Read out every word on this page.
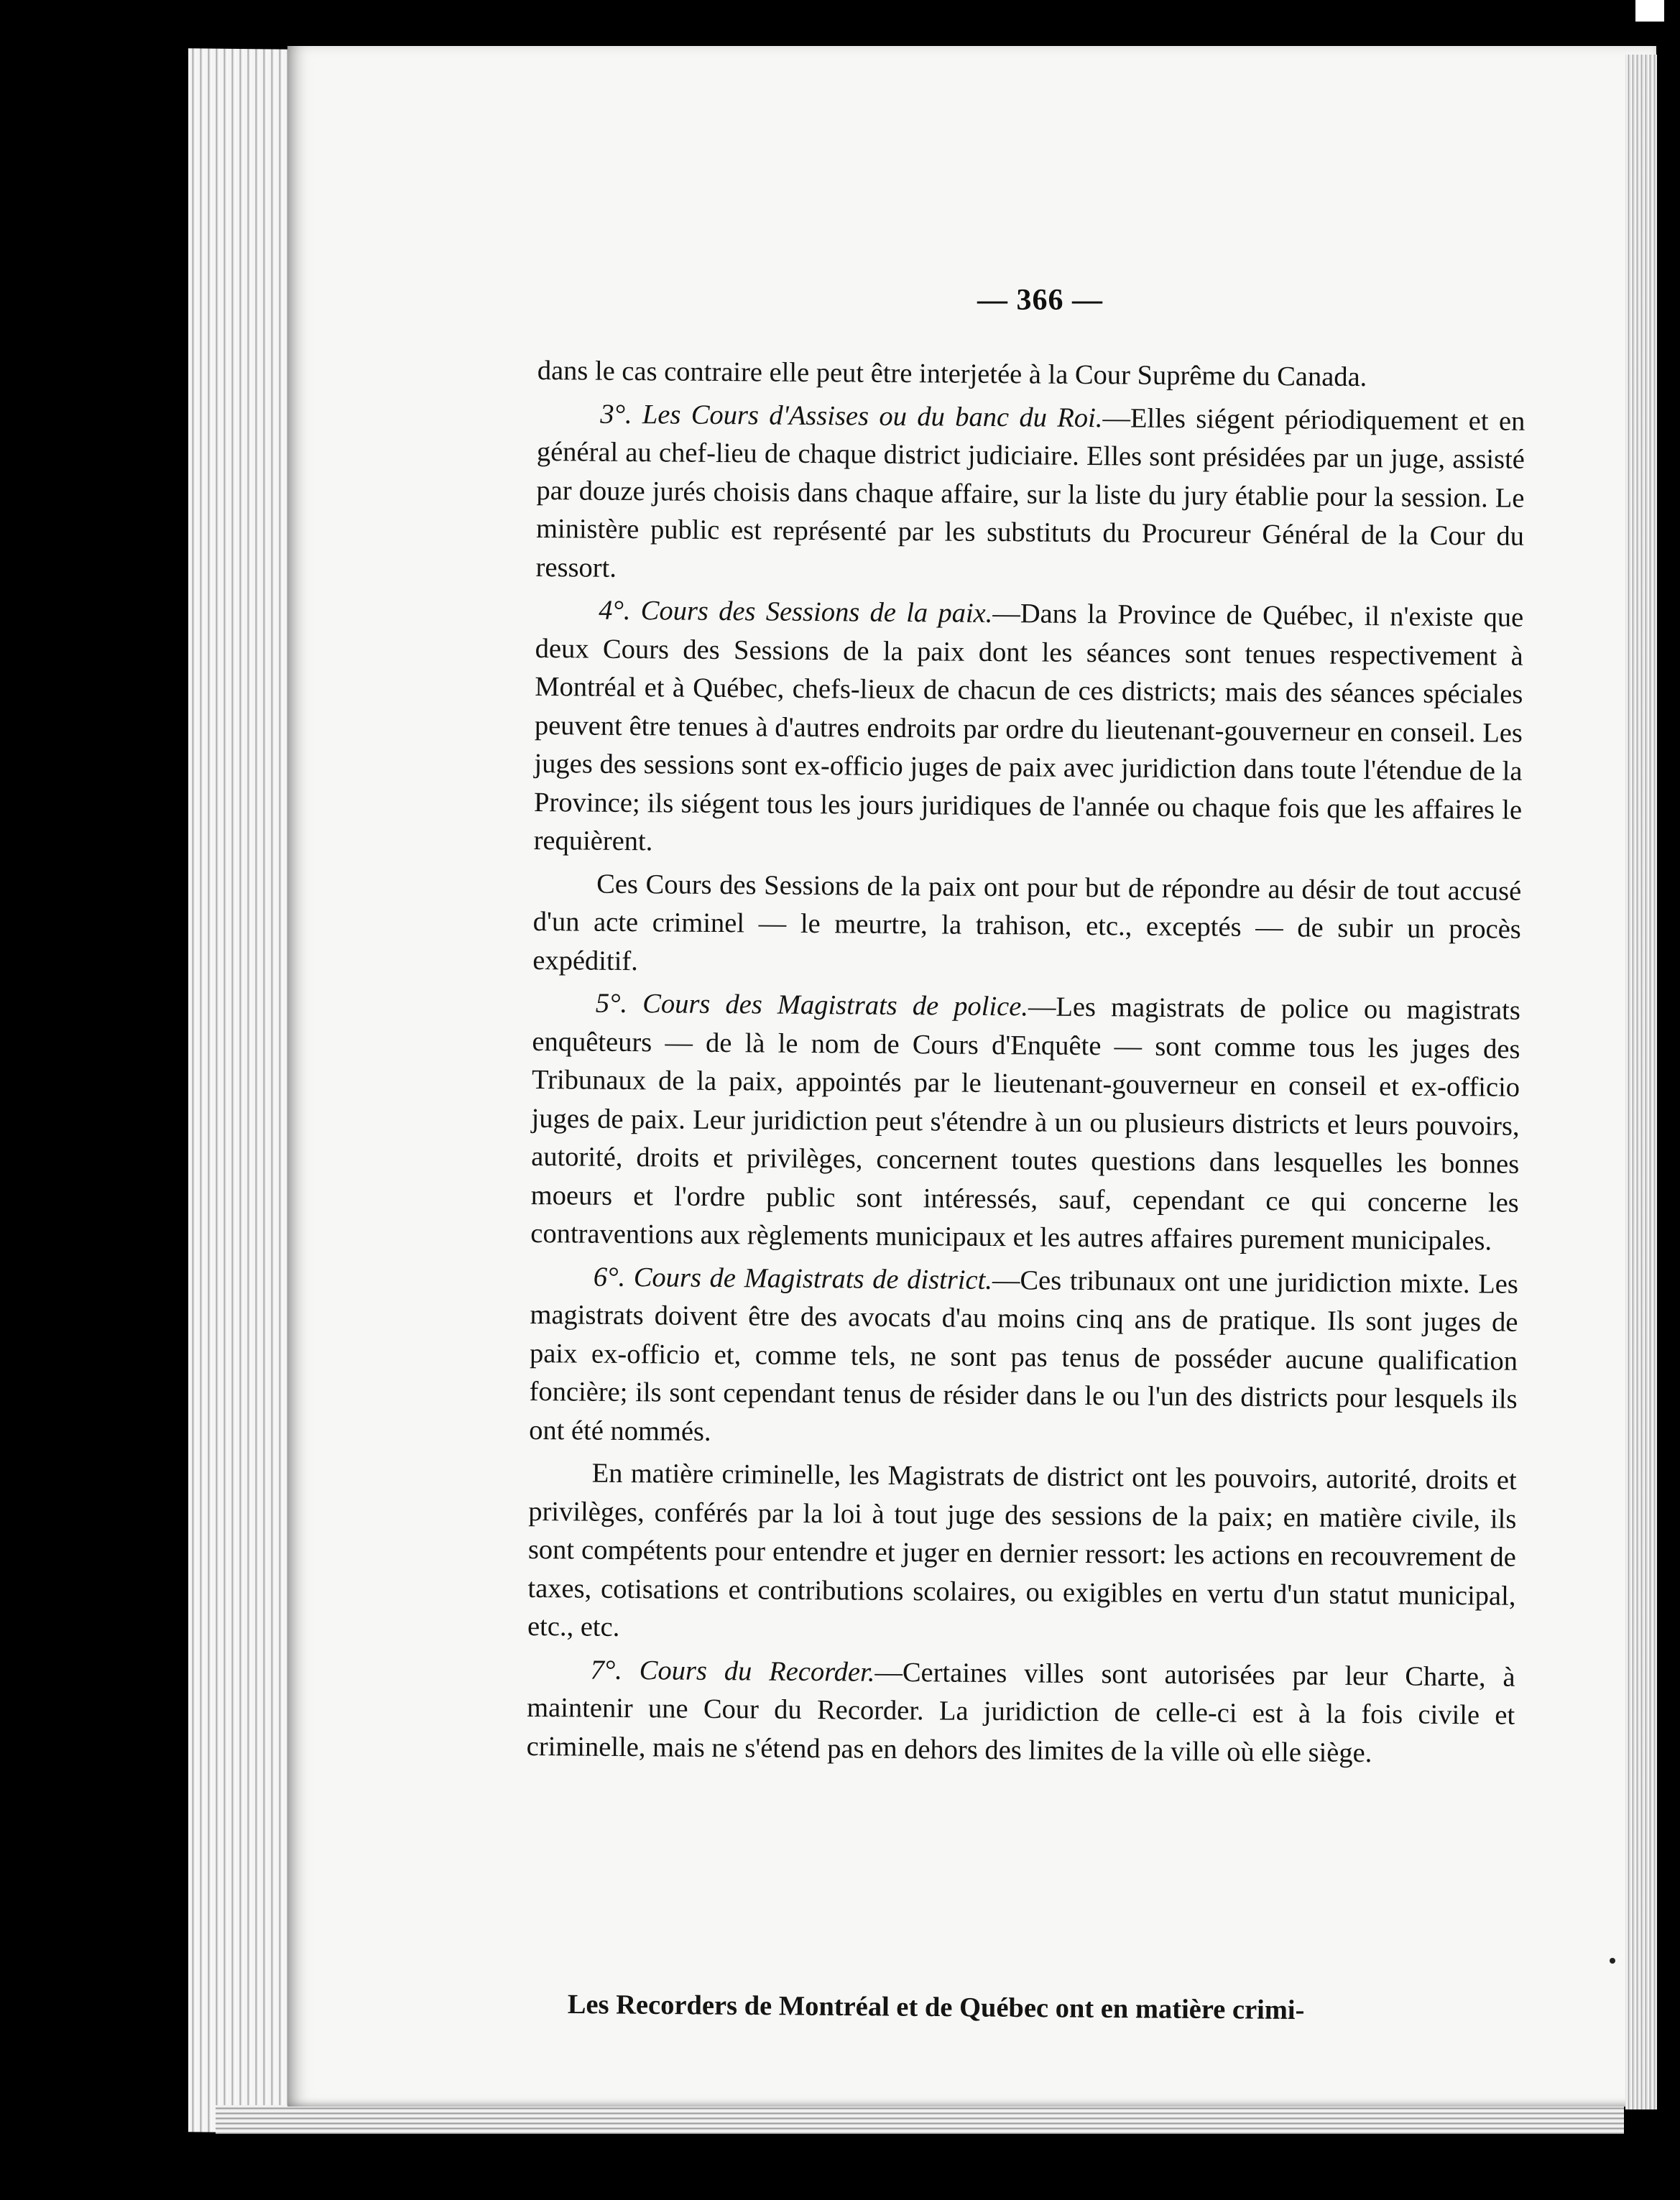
— 366 —

dans le cas contraire elle peut être interjetée à la Cour Suprême du Canada.

3°. Les Cours d'Assises ou du banc du Roi.—Elles siégent périodiquement et en général au chef-lieu de chaque district judiciaire. Elles sont présidées par un juge, assisté par douze jurés choisis dans chaque affaire, sur la liste du jury établie pour la session. Le ministère public est représenté par les substituts du Procureur Général de la Cour du ressort.

4°. Cours des Sessions de la paix.—Dans la Province de Québec, il n'existe que deux Cours des Sessions de la paix dont les séances sont tenues respectivement à Montréal et à Québec, chefs-lieux de chacun de ces districts; mais des séances spéciales peuvent être tenues à d'autres endroits par ordre du lieutenant-gouverneur en conseil. Les juges des sessions sont ex-officio juges de paix avec juridiction dans toute l'étendue de la Province; ils siégent tous les jours juridiques de l'année ou chaque fois que les affaires le requièrent.

Ces Cours des Sessions de la paix ont pour but de répondre au désir de tout accusé d'un acte criminel — le meurtre, la trahison, etc., exceptés — de subir un procès expéditif.

5°. Cours des Magistrats de police.—Les magistrats de police ou magistrats enquêteurs — de là le nom de Cours d'Enquête — sont comme tous les juges des Tribunaux de la paix, appointés par le lieutenant-gouverneur en conseil et ex-officio juges de paix. Leur juridiction peut s'étendre à un ou plusieurs districts et leurs pouvoirs, autorité, droits et privilèges, concernent toutes questions dans lesquelles les bonnes moeurs et l'ordre public sont intéressés, sauf, cependant ce qui concerne les contraventions aux règlements municipaux et les autres affaires purement municipales.

6°. Cours de Magistrats de district.—Ces tribunaux ont une juridiction mixte. Les magistrats doivent être des avocats d'au moins cinq ans de pratique. Ils sont juges de paix ex-officio et, comme tels, ne sont pas tenus de posséder aucune qualification foncière; ils sont cependant tenus de résider dans le ou l'un des districts pour lesquels ils ont été nommés.

En matière criminelle, les Magistrats de district ont les pouvoirs, autorité, droits et privilèges, conférés par la loi à tout juge des sessions de la paix; en matière civile, ils sont compétents pour entendre et juger en dernier ressort: les actions en recouvrement de taxes, cotisations et contributions scolaires, ou exigibles en vertu d'un statut municipal, etc., etc.

7°. Cours du Recorder.—Certaines villes sont autorisées par leur Charte, à maintenir une Cour du Recorder. La juridiction de celle-ci est à la fois civile et criminelle, mais ne s'étend pas en dehors des limites de la ville où elle siège.

Les Recorders de Montréal et de Québec ont en matière crimi-
